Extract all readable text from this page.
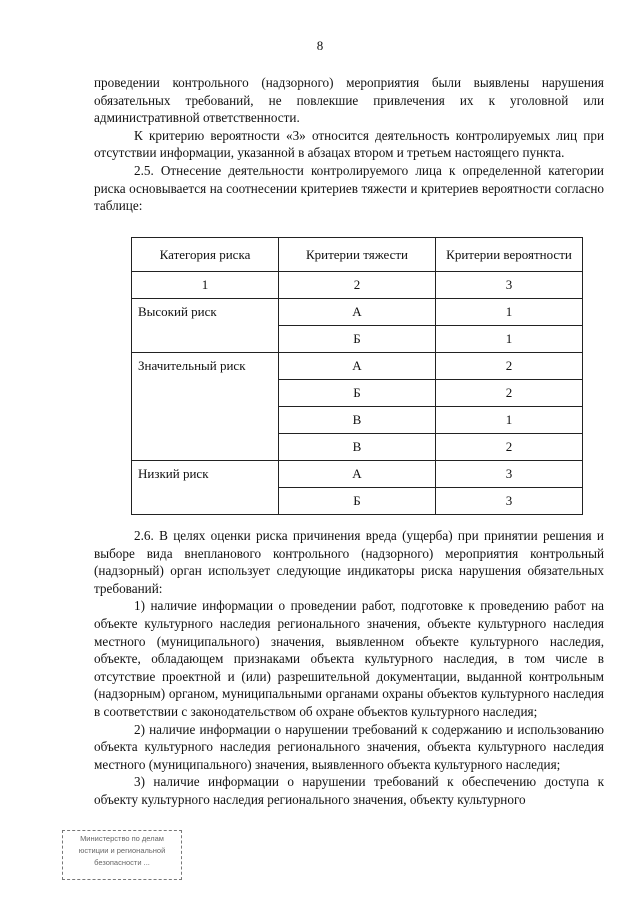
8

проведении контрольного (надзорного) мероприятия были выявлены нарушения обязательных требований, не повлекшие привлечения их к уголовной или административной ответственности.

К критерию вероятности «3» относится деятельность контролируемых лиц при отсутствии информации, указанной в абзацах втором и третьем настоящего пункта.

2.5. Отнесение деятельности контролируемого лица к определенной категории риска основывается на соотнесении критериев тяжести и критериев вероятности согласно таблице:

Категория риска	Критерии тяжести	Критерии вероятности
1	2	3
Высокий риск	А	1
	Б	1
Значительный риск	А	2
	Б	2
	В	1
	В	2
Низкий риск	А	3
	Б	3

2.6. В целях оценки риска причинения вреда (ущерба) при принятии решения и выборе вида внепланового контрольного (надзорного) мероприятия контрольный (надзорный) орган использует следующие индикаторы риска нарушения обязательных требований:

1) наличие информации о проведении работ, подготовке к проведению работ на объекте культурного наследия регионального значения, объекте культурного наследия местного (муниципального) значения, выявленном объекте культурного наследия, объекте, обладающем признаками объекта культурного наследия, в том числе в отсутствие проектной и (или) разрешительной документации, выданной контрольным (надзорным) органом, муниципальными органами охраны объектов культурного наследия в соответствии с законодательством об охране объектов культурного наследия;

2) наличие информации о нарушении требований к содержанию и использованию объекта культурного наследия регионального значения, объекта культурного наследия местного (муниципального) значения, выявленного объекта культурного наследия;

3) наличие информации о нарушении требований к обеспечению доступа к объекту культурного наследия регионального значения, объекту культурного

Министерство по делам
юстиции и региональной
безопасности ...
